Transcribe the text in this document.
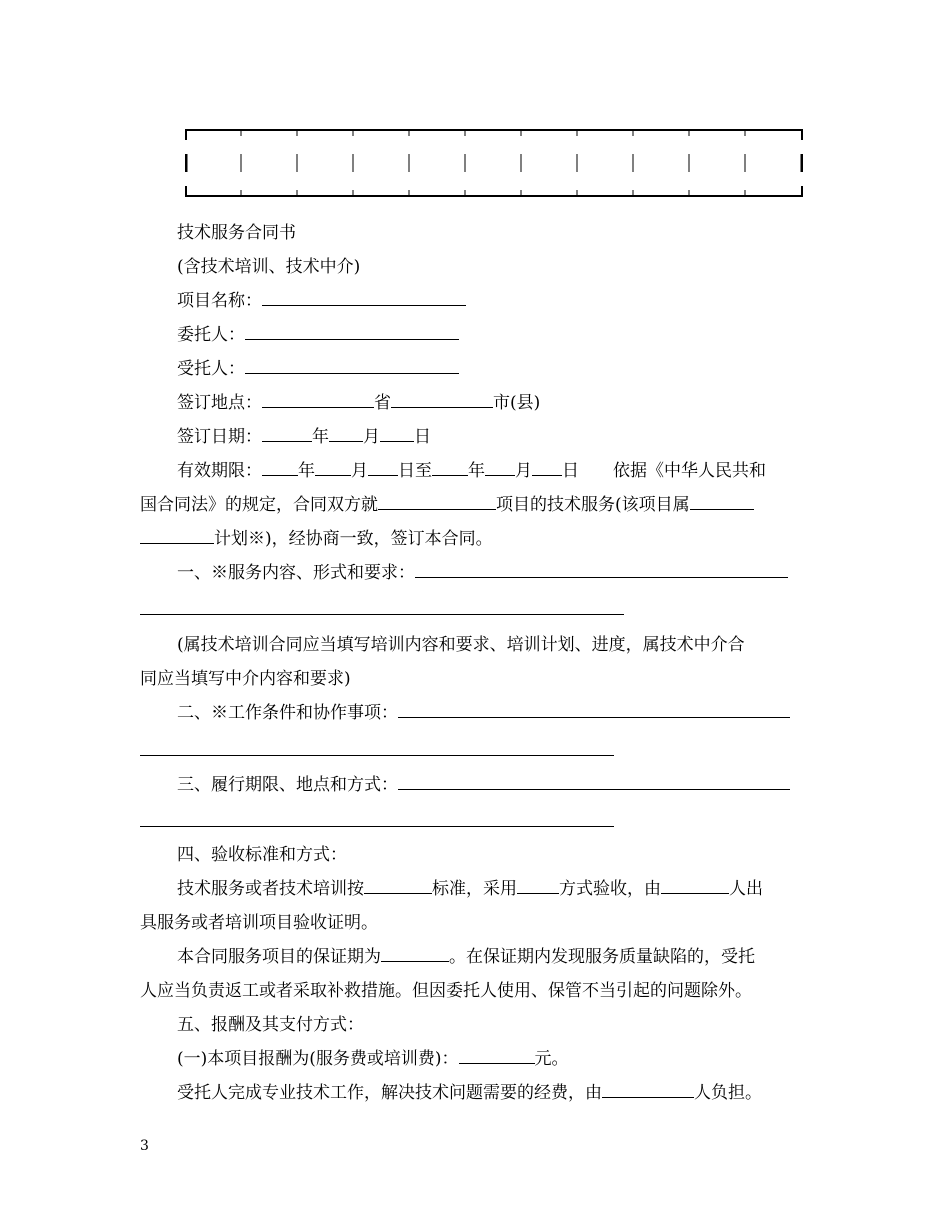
技术服务合同书

(含技术培训、技术中介)

项目名称：

委托人：

受托人：

签订地点：	省	市(县)

签订日期：	年 月 日

有效期限： 年 月 日至 年 月 日 依据《中华人民共和

国合同法》的规定，合同双方就	项目的技术服务(该项目属

计划※)，经协商一致，签订本合同。

一、※服务内容、形式和要求：

(属技术培训合同应当填写培训内容和要求、培训计划、进度，属技术中介合

同应当填写中介内容和要求)

二、※工作条件和协作事项：

三、履行期限、地点和方式：

四、验收标准和方式：

技术服务或者技术培训按	标准，采用 方式验收，由	人出

具服务或者培训项目验收证明。

本合同服务项目的保证期为	。在保证期内发现服务质量缺陷的，受托

人应当负责返工或者采取补救措施。但因委托人使用、保管不当引起的问题除外。

五、报酬及其支付方式：

(一)本项目报酬为(服务费或培训费)：	元。

受托人完成专业技术工作，解决技术问题需要的经费，由	人负担。

3
